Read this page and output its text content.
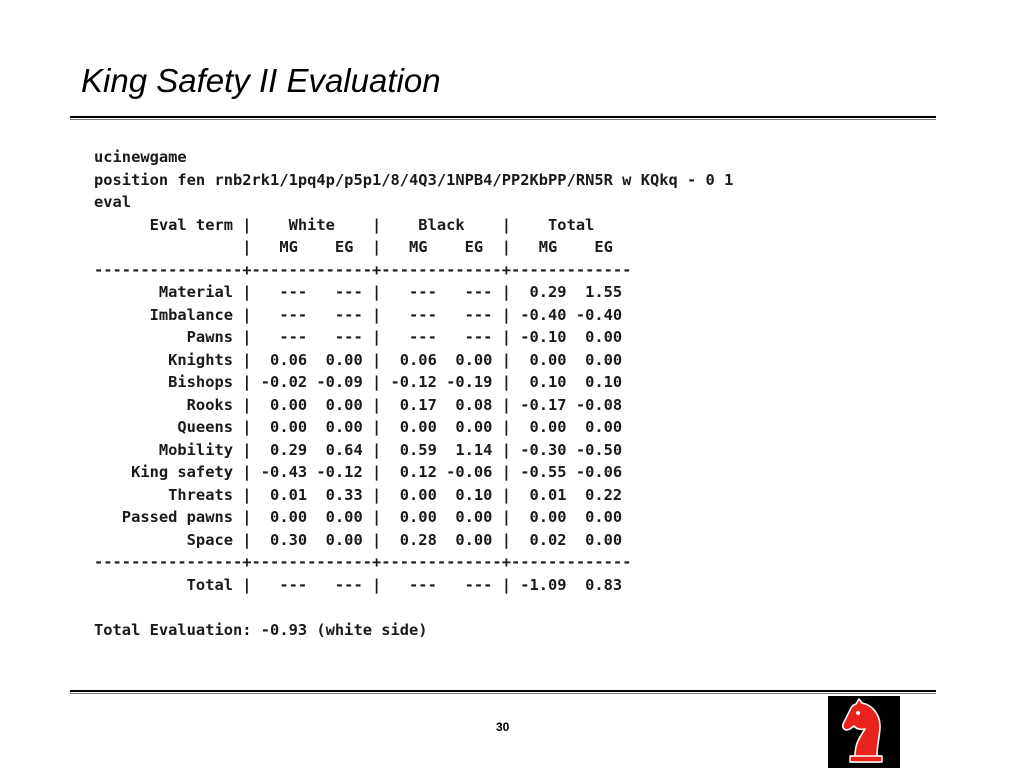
King Safety II Evaluation
ucinewgame
position fen rnb2rk1/1pq4p/p5p1/8/4Q3/1NPB4/PP2KbPP/RN5R w KQkq - 0 1
eval
Eval term |    White    |    Black    |    Total
|   MG    EG  |   MG    EG  |   MG    EG
----------------+-------------+-------------+-------------
Material |   ---   --- |   ---   --- |  0.29  1.55
Imbalance |   ---   --- |   ---   --- | -0.40 -0.40
Pawns |   ---   --- |   ---   --- | -0.10  0.00
Knights |  0.06  0.00 |  0.06  0.00 |  0.00  0.00
Bishops | -0.02 -0.09 | -0.12 -0.19 |  0.10  0.10
Rooks |  0.00  0.00 |  0.17  0.08 | -0.17 -0.08
Queens |  0.00  0.00 |  0.00  0.00 |  0.00  0.00
Mobility |  0.29  0.64 |  0.59  1.14 | -0.30 -0.50
King safety | -0.43 -0.12 |  0.12 -0.06 | -0.55 -0.06
Threats |  0.01  0.33 |  0.00  0.10 |  0.01  0.22
Passed pawns |  0.00  0.00 |  0.00  0.00 |  0.00  0.00
Space |  0.30  0.00 |  0.28  0.00 |  0.02  0.00
----------------+-------------+-------------+-------------
Total |   ---   --- |   ---   --- | -1.09  0.83
Total Evaluation: -0.93 (white side)
30
